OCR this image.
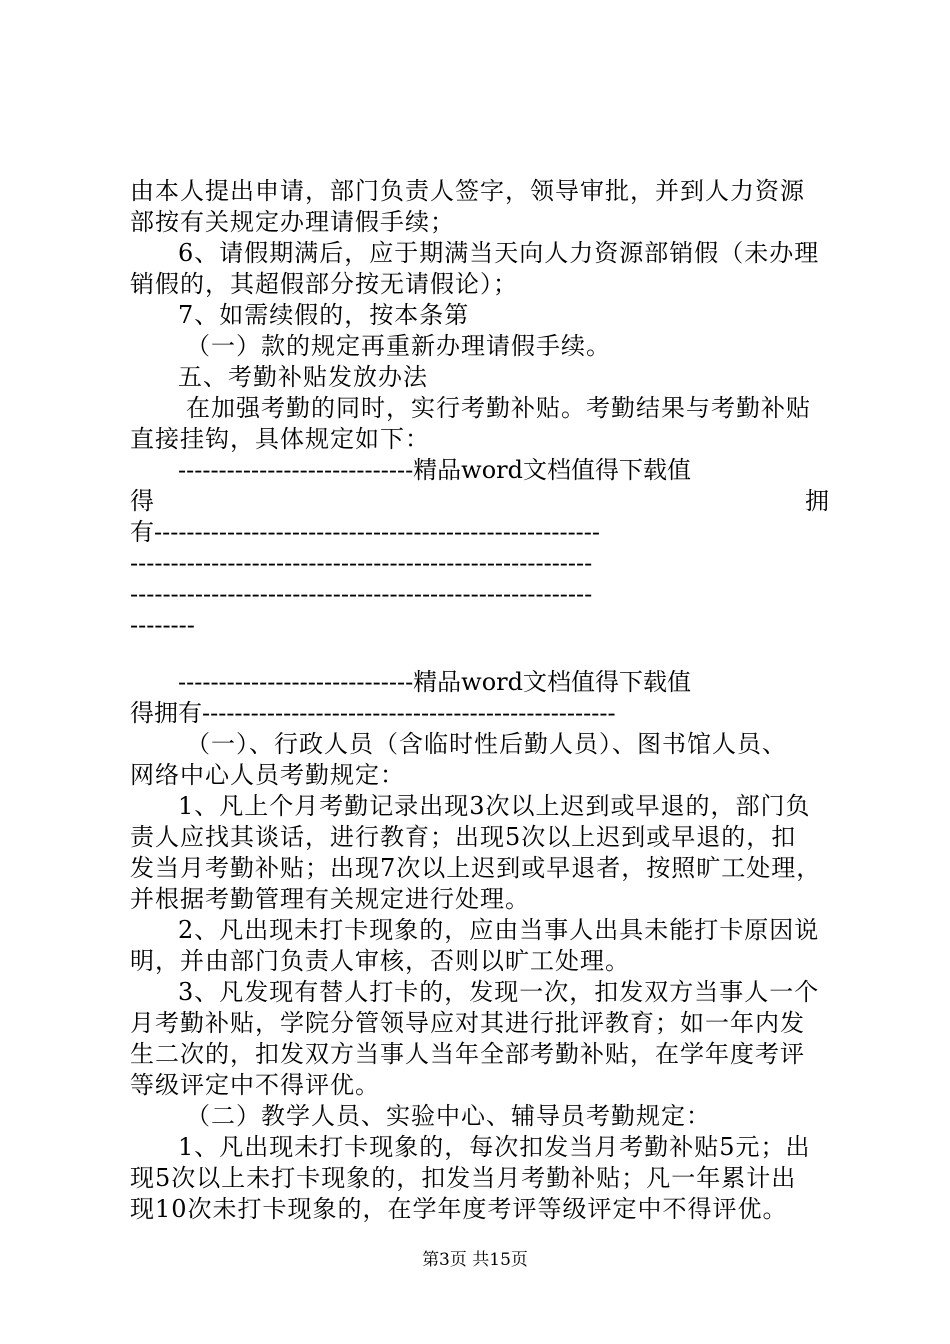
由本人提出申请，部门负责人签字，领导审批，并到人力资源
部按有关规定办理请假手续；
6、请假期满后，应于期满当天向人力资源部销假（未办理
销假的，其超假部分按无请假论）；
7、如需续假的，按本条第
（一）款的规定再重新办理请假手续。
五、考勤补贴发放办法
在加强考勤的同时，实行考勤补贴。考勤结果与考勤补贴
直接挂钩，具体规定如下：
-----------------------------精品word文档值得下载值
得	拥
有-------------------------------------------------------
---------------------------------------------------------
---------------------------------------------------------
--------
-----------------------------精品word文档值得下载值
得拥有---------------------------------------------------
（一）、行政人员（含临时性后勤人员）、图书馆人员、
网络中心人员考勤规定：
1、凡上个月考勤记录出现3次以上迟到或早退的，部门负
责人应找其谈话，进行教育；出现5次以上迟到或早退的，扣
发当月考勤补贴；出现7次以上迟到或早退者，按照旷工处理，
并根据考勤管理有关规定进行处理。
2、凡出现未打卡现象的，应由当事人出具未能打卡原因说
明，并由部门负责人审核，否则以旷工处理。
3、凡发现有替人打卡的，发现一次，扣发双方当事人一个
月考勤补贴，学院分管领导应对其进行批评教育；如一年内发
生二次的，扣发双方当事人当年全部考勤补贴，在学年度考评
等级评定中不得评优。
（二）教学人员、实验中心、辅导员考勤规定：
1、凡出现未打卡现象的，每次扣发当月考勤补贴5元；出
现5次以上未打卡现象的，扣发当月考勤补贴；凡一年累计出
现10次未打卡现象的，在学年度考评等级评定中不得评优。
第3页 共15页
